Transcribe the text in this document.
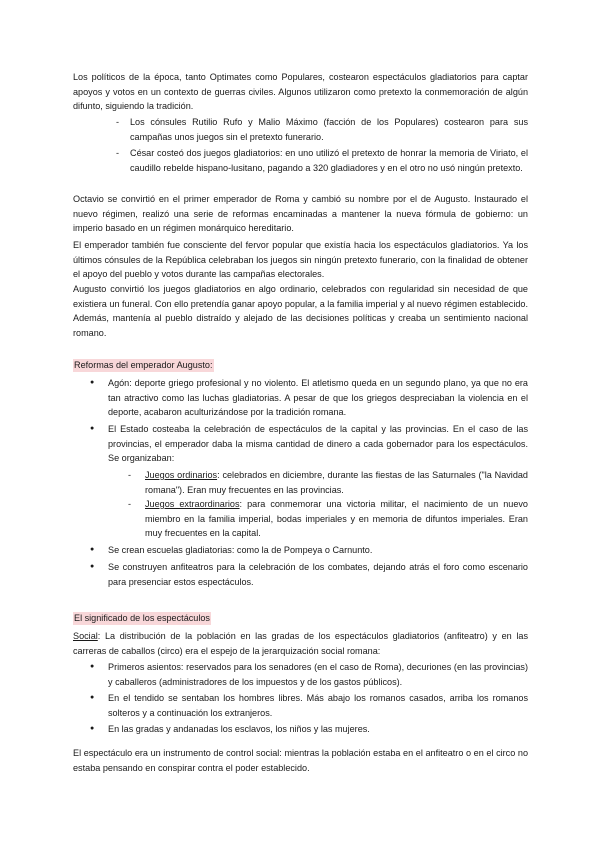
Los políticos de la época, tanto Optimates como Populares, costearon espectáculos gladiatorios para captar apoyos y votos en un contexto de guerras civiles. Algunos utilizaron como pretexto la conmemoración de algún difunto, siguiendo la tradición.

- Los cónsules Rutilio Rufo y Malio Máximo (facción de los Populares) costearon para sus campañas unos juegos sin el pretexto funerario.

- César costeó dos juegos gladiatorios: en uno utilizó el pretexto de honrar la memoria de Viriato, el caudillo rebelde hispano-lusitano, pagando a 320 gladiadores y en el otro no usó ningún pretexto.

Octavio se convirtió en el primer emperador de Roma y cambió su nombre por el de Augusto. Instaurado el nuevo régimen, realizó una serie de reformas encaminadas a mantener la nueva fórmula de gobierno: un imperio basado en un régimen monárquico hereditario.

El emperador también fue consciente del fervor popular que existía hacia los espectáculos gladiatorios. Ya los últimos cónsules de la República celebraban los juegos sin ningún pretexto funerario, con la finalidad de obtener el apoyo del pueblo y votos durante las campañas electorales.

Augusto convirtió los juegos gladiatorios en algo ordinario, celebrados con regularidad sin necesidad de que existiera un funeral. Con ello pretendía ganar apoyo popular, a la familia imperial y al nuevo régimen establecido. Además, mantenía al pueblo distraído y alejado de las decisiones políticas y creaba un sentimiento nacional romano.

Reformas del emperador Augusto:

● Agón: deporte griego profesional y no violento. El atletismo queda en un segundo plano, ya que no era tan atractivo como las luchas gladiatorias. A pesar de que los griegos despreciaban la violencia en el deporte, acabaron aculturizándose por la tradición romana.

● El Estado costeaba la celebración de espectáculos de la capital y las provincias. En el caso de las provincias, el emperador daba la misma cantidad de dinero a cada gobernador para los espectáculos. Se organizaban:

- Juegos ordinarios: celebrados en diciembre, durante las fiestas de las Saturnales ("la Navidad romana"). Eran muy frecuentes en las provincias.

- Juegos extraordinarios: para conmemorar una victoria militar, el nacimiento de un nuevo miembro en la familia imperial, bodas imperiales y en memoria de difuntos imperiales. Eran muy frecuentes en la capital.

● Se crean escuelas gladiatorias: como la de Pompeya o Carnunto.

● Se construyen anfiteatros para la celebración de los combates, dejando atrás el foro como escenario para presenciar estos espectáculos.

El significado de los espectáculos

Social: La distribución de la población en las gradas de los espectáculos gladiatorios (anfiteatro) y en las carreras de caballos (circo) era el espejo de la jerarquización social romana:

● Primeros asientos: reservados para los senadores (en el caso de Roma), decuriones (en las provincias) y caballeros (administradores de los impuestos y de los gastos públicos).

● En el tendido se sentaban los hombres libres. Más abajo los romanos casados, arriba los romanos solteros y a continuación los extranjeros.

● En las gradas y andanadas los esclavos, los niños y las mujeres.

El espectáculo era un instrumento de control social: mientras la población estaba en el anfiteatro o en el circo no estaba pensando en conspirar contra el poder establecido.
